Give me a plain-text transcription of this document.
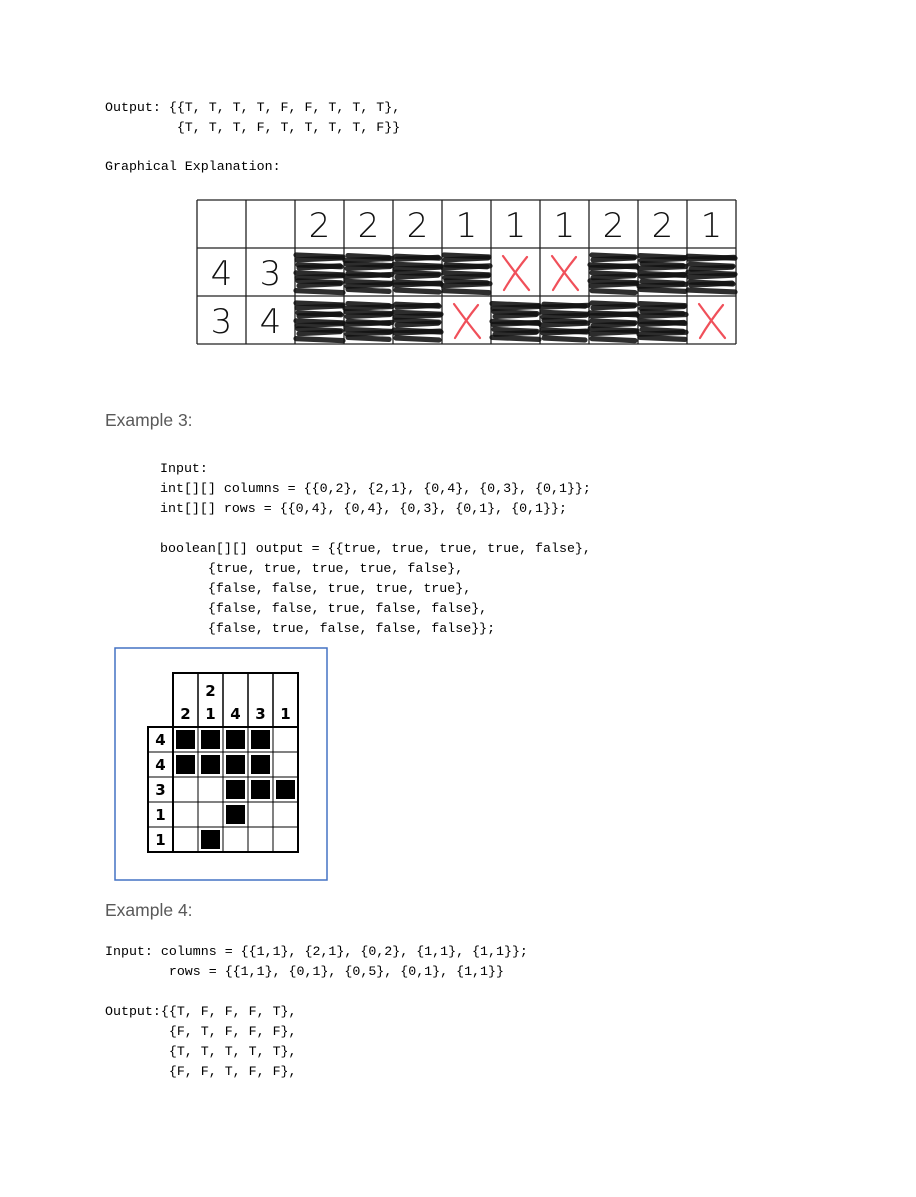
Output: {{T, T, T, T, F, F, T, T, T},
{T, T, T, F, T, T, T, T, F}}
Graphical Explanation:
2 2 2 1 1 1 2 2 1
4 3
3 4
Example 3:
Input:
int[][] columns = {{0,2}, {2,1}, {0,4}, {0,3}, {0,1}};
int[][] rows = {{0,4}, {0,4}, {0,3}, {0,1}, {0,1}};

boolean[][] output = {{true, true, true, true, false},
{true, true, true, true, false},
{false, false, true, true, true},
{false, false, true, false, false},
{false, true, false, false, false}};
2 1
2
4 3 1
4
4
3
1
1
Example 4:
Input: columns = {{1,1}, {2,1}, {0,2}, {1,1}, {1,1}};
rows = {{1,1}, {0,1}, {0,5}, {0,1}, {1,1}}

Output:{{T, F, F, F, T},
{F, T, F, F, F},
{T, T, T, T, T},
{F, F, T, F, F},
